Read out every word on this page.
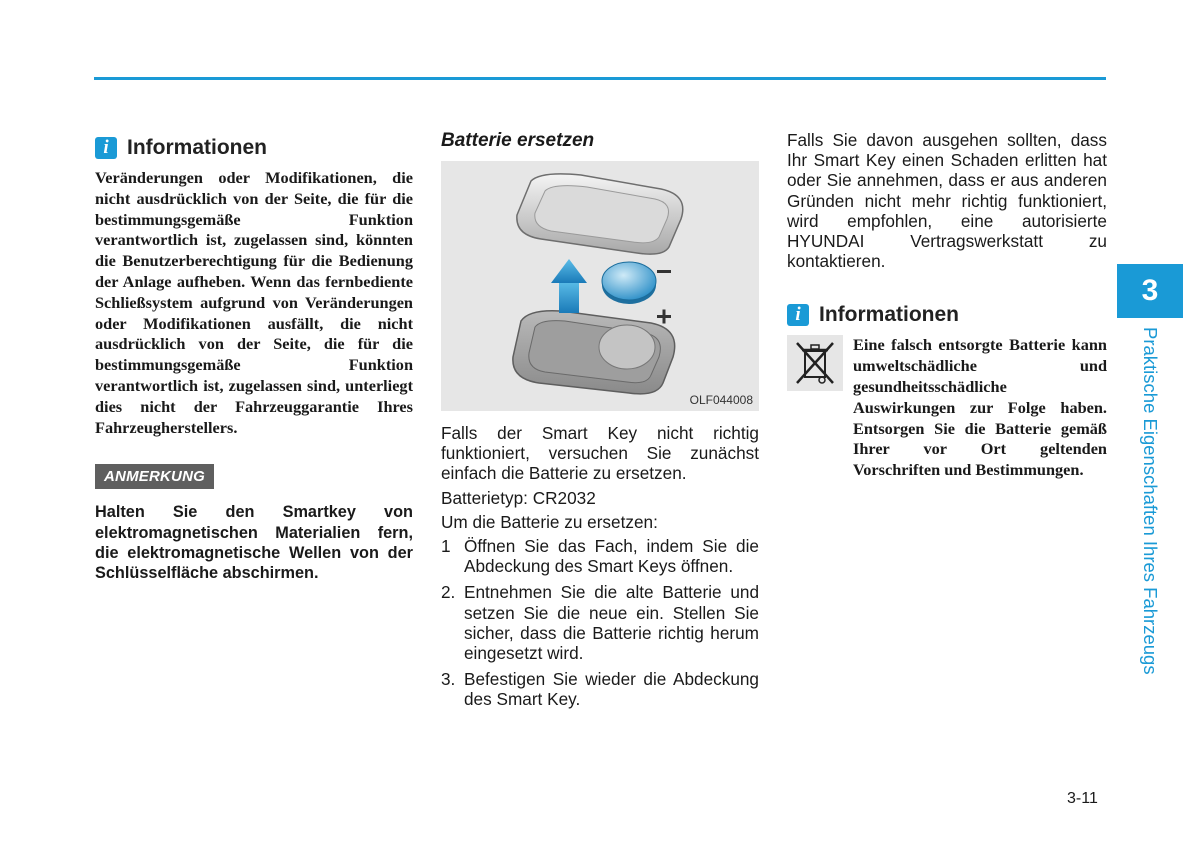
i Informationen

Veränderungen oder Modifikationen, die nicht ausdrücklich von der Seite, die für die bestimmungsgemäße Funktion verantwortlich ist, zugelassen sind, könnten die Benutzerberechtigung für die Bedienung der Anlage aufheben. Wenn das fernbediente Schließsystem aufgrund von Veränderungen oder Modifikationen ausfällt, die nicht ausdrücklich von der Seite, die für die bestimmungsgemäße Funktion verantwortlich ist, zugelassen sind, unterliegt dies nicht der Fahrzeuggarantie Ihres Fahrzeugherstellers.

ANMERKUNG

Halten Sie den Smartkey von elektromagnetischen Materialien fern, die elektromagnetische Wellen von der Schlüsselfläche abschirmen.

Batterie ersetzen
OLF044008

Falls der Smart Key nicht richtig funktioniert, versuchen Sie zunächst einfach die Batterie zu ersetzen.

Batterietyp: CR2032

Um die Batterie zu ersetzen:

1 Öffnen Sie das Fach, indem Sie die Abdeckung des Smart Keys öffnen.
2. Entnehmen Sie die alte Batterie und setzen Sie die neue ein. Stellen Sie sicher, dass die Batterie richtig herum eingesetzt wird.
3. Befestigen Sie wieder die Abdeckung des Smart Key.

Falls Sie davon ausgehen sollten, dass Ihr Smart Key einen Schaden erlitten hat oder Sie annehmen, dass er aus anderen Gründen nicht mehr richtig funktioniert, wird empfohlen, eine autorisierte HYUNDAI Vertragswerkstatt zu kontaktieren.

i Informationen

Eine falsch entsorgte Batterie kann umweltschädliche und gesundheitsschädliche Auswirkungen zur Folge haben. Entsorgen Sie die Batterie gemäß Ihrer vor Ort geltenden Vorschriften und Bestimmungen.

3
Praktische Eigenschaften Ihres Fahrzeugs
3-11
